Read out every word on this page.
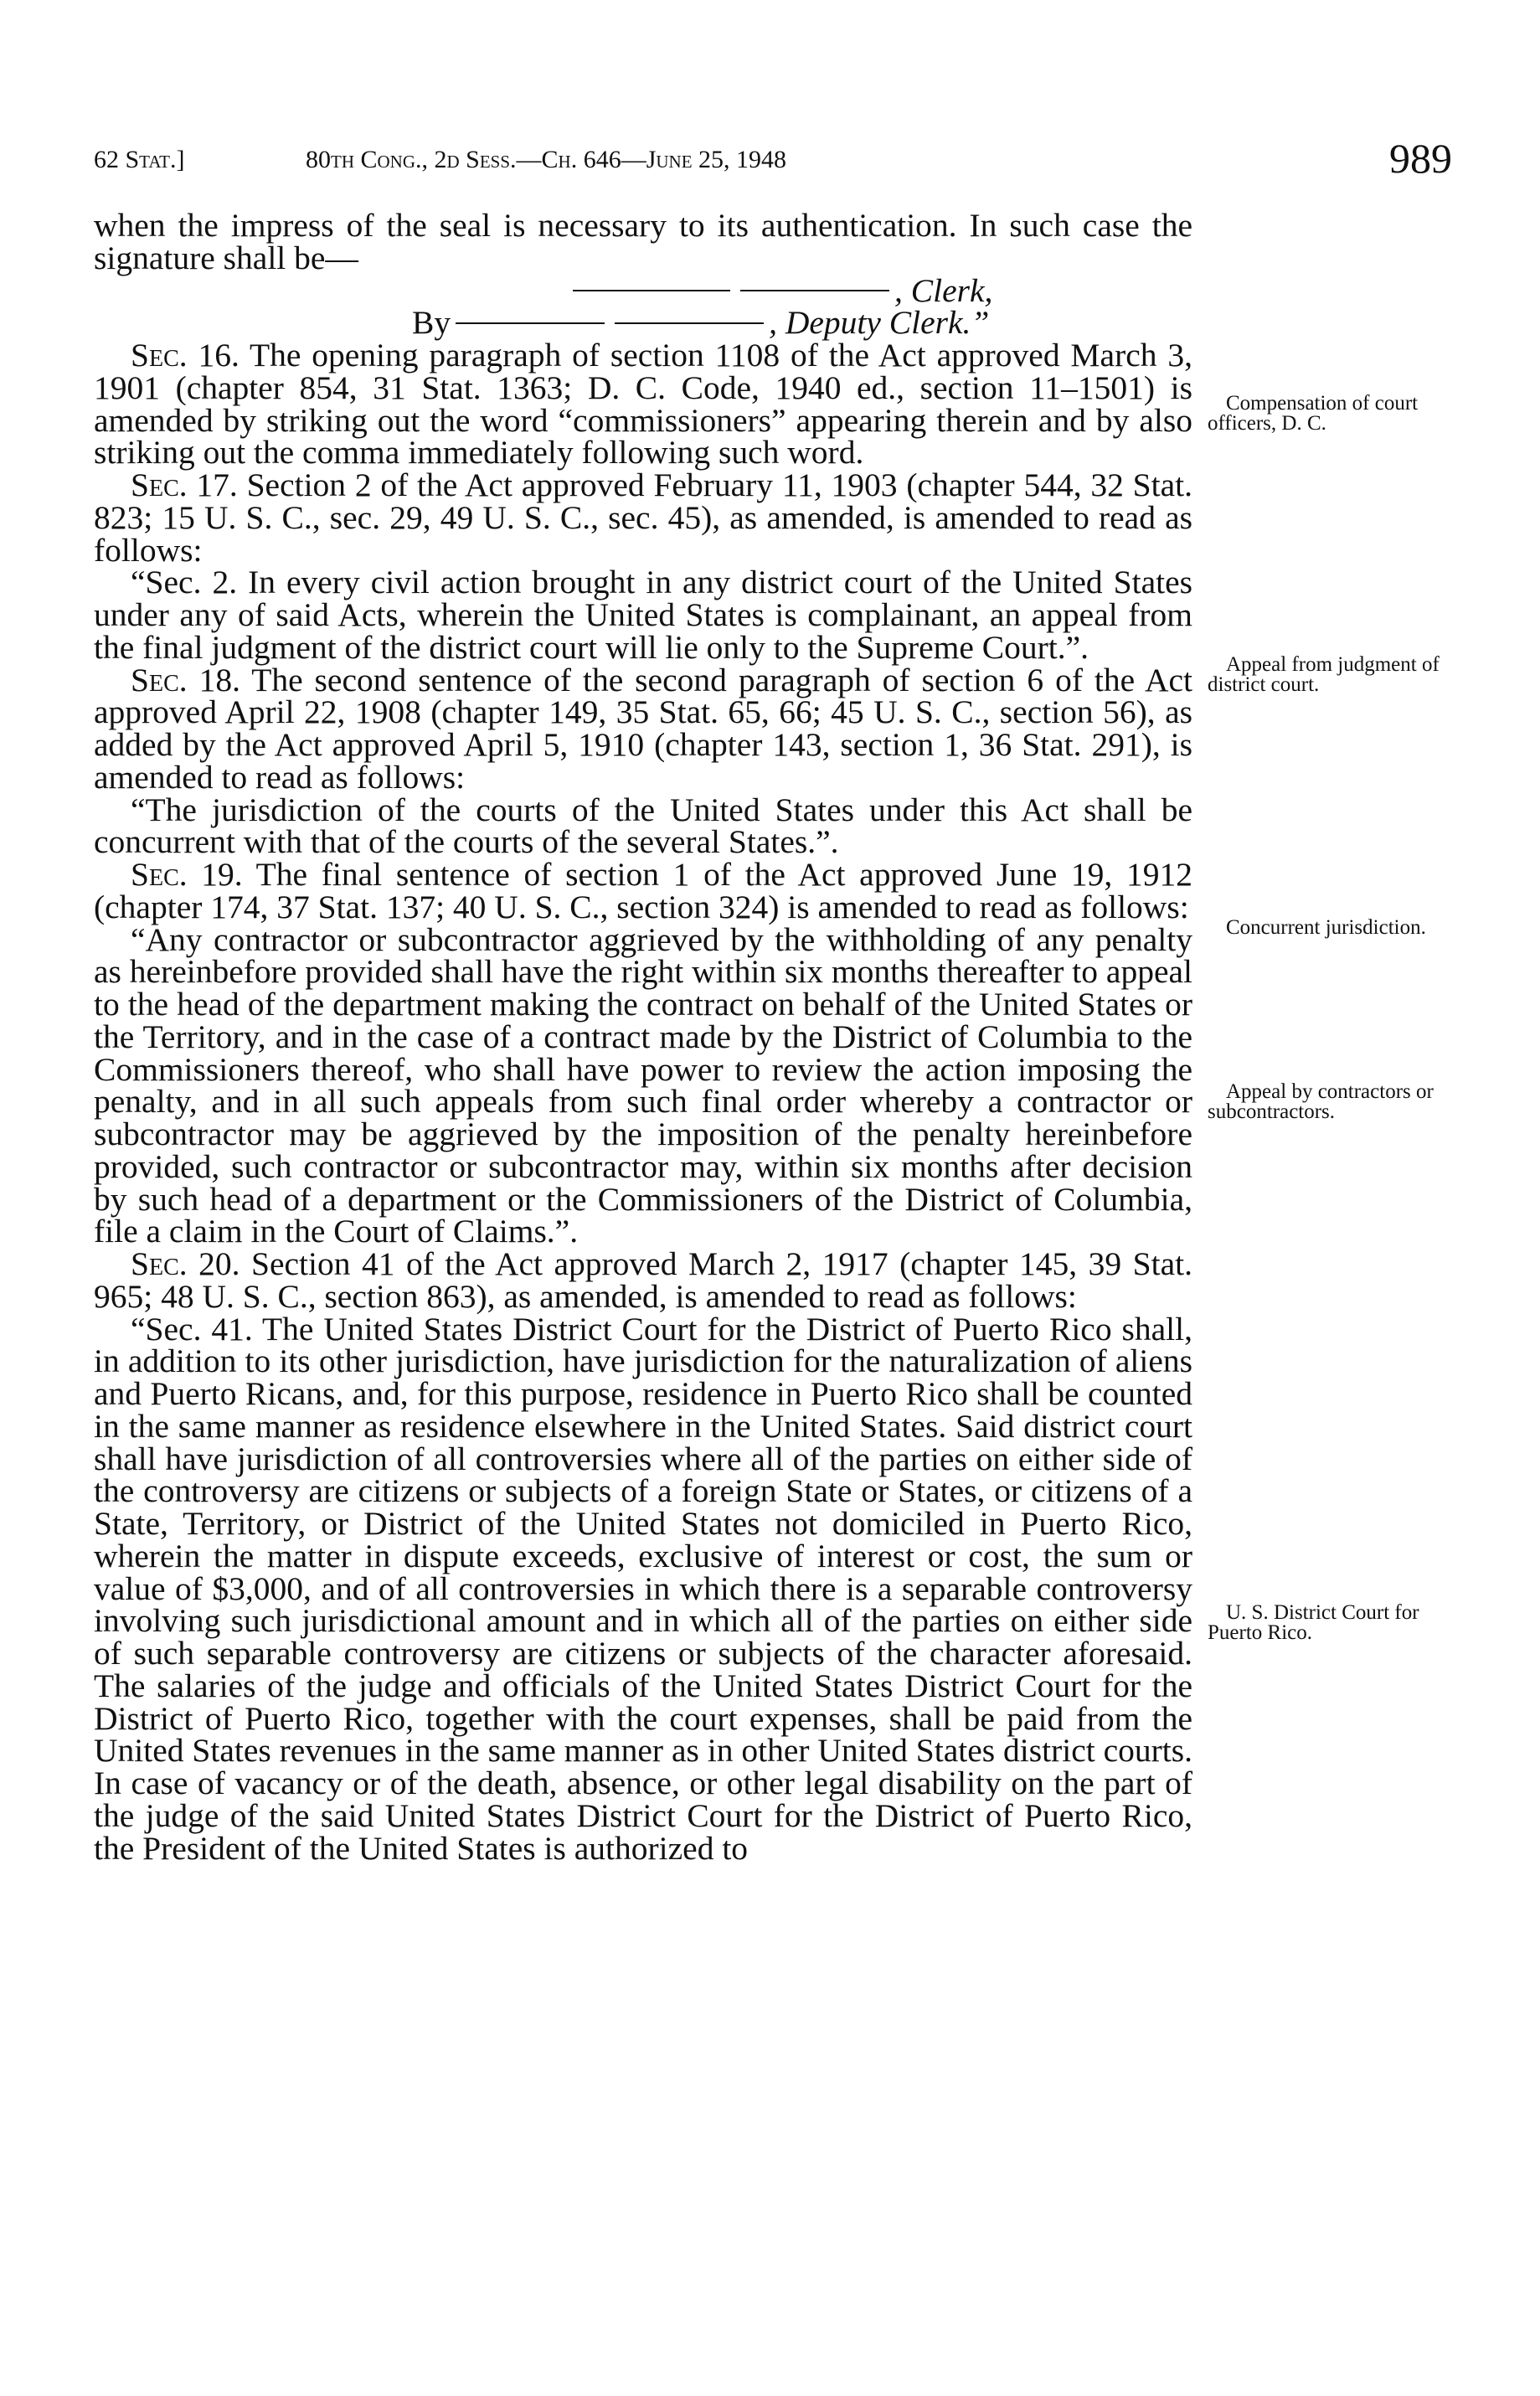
62 Stat.]	80th Cong., 2d Sess.—Ch. 646—June 25, 1948	989

when the impress of the seal is necessary to its authentication. In such case the signature shall be—

, Clerk,
By	, Deputy Clerk.”

Sec. 16. The opening paragraph of section 1108 of the Act approved March 3, 1901 (chapter 854, 31 Stat. 1363; D. C. Code, 1940 ed., section 11–1501) is amended by striking out the word “commissioners” appearing therein and by also striking out the comma immediately following such word.

Sec. 17. Section 2 of the Act approved February 11, 1903 (chapter 544, 32 Stat. 823; 15 U. S. C., sec. 29, 49 U. S. C., sec. 45), as amended, is amended to read as follows:

“Sec. 2. In every civil action brought in any district court of the United States under any of said Acts, wherein the United States is complainant, an appeal from the final judgment of the district court will lie only to the Supreme Court.”.

Sec. 18. The second sentence of the second paragraph of section 6 of the Act approved April 22, 1908 (chapter 149, 35 Stat. 65, 66; 45 U. S. C., section 56), as added by the Act approved April 5, 1910 (chapter 143, section 1, 36 Stat. 291), is amended to read as follows:

“The jurisdiction of the courts of the United States under this Act shall be concurrent with that of the courts of the several States.”.

Sec. 19. The final sentence of section 1 of the Act approved June 19, 1912 (chapter 174, 37 Stat. 137; 40 U. S. C., section 324) is amended to read as follows:

“Any contractor or subcontractor aggrieved by the withholding of any penalty as hereinbefore provided shall have the right within six months thereafter to appeal to the head of the department making the contract on behalf of the United States or the Territory, and in the case of a contract made by the District of Columbia to the Commissioners thereof, who shall have power to review the action imposing the penalty, and in all such appeals from such final order whereby a contractor or subcontractor may be aggrieved by the imposition of the penalty hereinbefore provided, such contractor or subcontractor may, within six months after decision by such head of a department or the Commissioners of the District of Columbia, file a claim in the Court of Claims.”.

Sec. 20. Section 41 of the Act approved March 2, 1917 (chapter 145, 39 Stat. 965; 48 U. S. C., section 863), as amended, is amended to read as follows:

“Sec. 41. The United States District Court for the District of Puerto Rico shall, in addition to its other jurisdiction, have jurisdiction for the naturalization of aliens and Puerto Ricans, and, for this purpose, residence in Puerto Rico shall be counted in the same manner as residence elsewhere in the United States. Said district court shall have jurisdiction of all controversies where all of the parties on either side of the controversy are citizens or subjects of a foreign State or States, or citizens of a State, Territory, or District of the United States not domiciled in Puerto Rico, wherein the matter in dispute exceeds, exclusive of interest or cost, the sum or value of $3,000, and of all controversies in which there is a separable controversy involving such jurisdictional amount and in which all of the parties on either side of such separable controversy are citizens or subjects of the character aforesaid. The salaries of the judge and officials of the United States District Court for the District of Puerto Rico, together with the court expenses, shall be paid from the United States revenues in the same manner as in other United States district courts. In case of vacancy or of the death, absence, or other legal disability on the part of the judge of the said United States District Court for the District of Puerto Rico, the President of the United States is authorized to

Compensation of court officers, D. C.
Appeal from judgment of district court.
Concurrent jurisdiction.
Appeal by contractors or subcontractors.
U. S. District Court for Puerto Rico.
